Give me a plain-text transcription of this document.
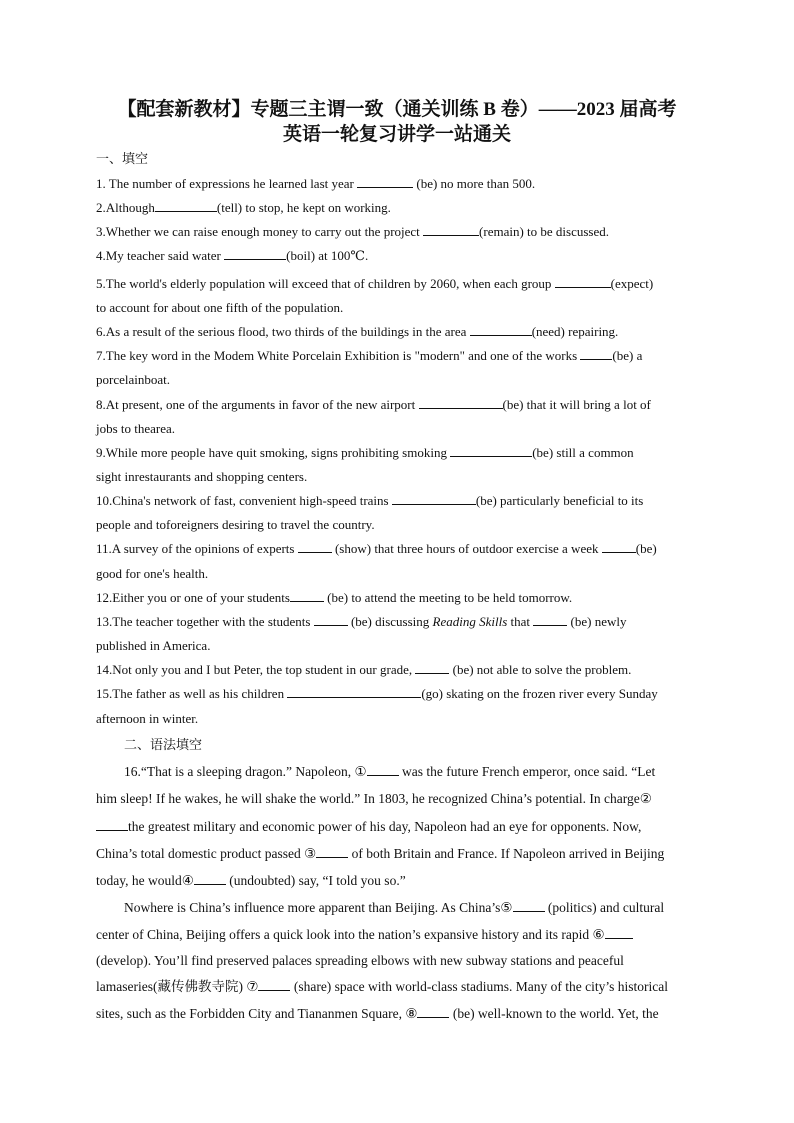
【配套新教材】专题三主谓一致（通关训练 B 卷）——2023 届高考
英语一轮复习讲学一站通关
一、填空
1. The number of expressions he learned last year	(be) no more than 500.
2.Although	(tell) to stop, he kept on working.
3.Whether we can raise enough money to carry out the project	(remain) to be discussed.
4.My teacher said water	(boil) at 100℃.
5.The world's elderly population will exceed that of children by 2060, when each group	(expect)
to account for about one fifth of the population.
6.As a result of the serious flood, two thirds of the buildings in the area	(need) repairing.
7.The key word in the Modem White Porcelain Exhibition is "modern" and one of the works (be) a
porcelainboat.
8.At present, one of the arguments in favor of the new airport	(be) that it will bring a lot of
jobs to thearea.
9.While more people have quit smoking, signs prohibiting smoking	(be) still a common
sight inrestaurants and shopping centers.
10.China's network of fast, convenient high-speed trains	(be) particularly beneficial to its
people and toforeigners desiring to travel the country.
11.A survey of the opinions of experts	(show) that three hours of outdoor exercise a week	(be)
good for one's health.
12.Either you or one of your students	(be) to attend the meeting to be held tomorrow.
13.The teacher together with the students	(be) discussing Reading Skills that	(be) newly
published in America.
14.Not only you and I but Peter, the top student in our grade,	(be) not able to solve the problem.
15.The father as well as his children	(go) skating on the frozen river every Sunday
afternoon in winter.
二、语法填空
16.“That is a sleeping dragon.” Napoleon, ① was the future French emperor, once said. “Let
him sleep! If he wakes, he will shake the world.” In 1803, he recognized China’s potential. In charge②
the greatest military and economic power of his day, Napoleon had an eye for opponents. Now,
China’s total domestic product passed ③ of both Britain and France. If Napoleon arrived in Beijing
today, he would④ (undoubted) say, “I told you so.”
Nowhere is China’s influence more apparent than Beijing. As China’s⑤ (politics) and cultural
center of China, Beijing offers a quick look into the nation’s expansive history and its rapid ⑥
(develop). You’ll find preserved palaces spreading elbows with new subway stations and peaceful
lamaseries(藏传佛教寺院) ⑦ (share) space with world-class stadiums. Many of the city’s historical
sites, such as the Forbidden City and Tiananmen Square, ⑧ (be) well-known to the world. Yet, the
